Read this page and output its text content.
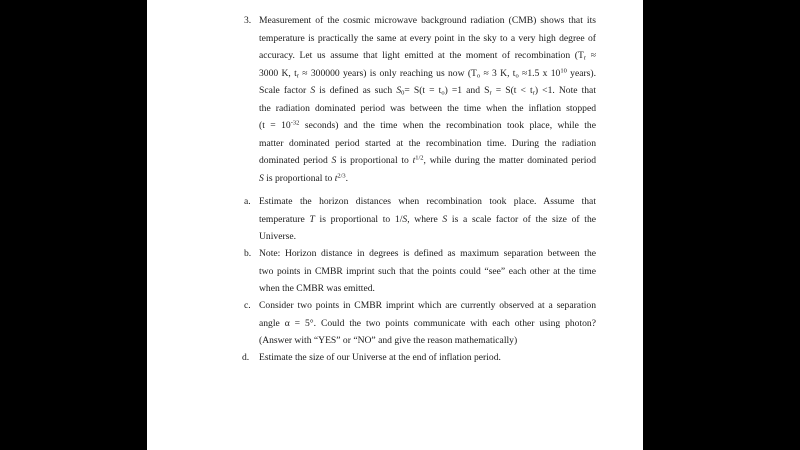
3. Measurement of the cosmic microwave background radiation (CMB) shows that its
temperature is practically the same at every point in the sky to a very high degree of
accuracy. Let us assume that light emitted at the moment of recombination ($T_r$ ≈
3000 K, $t_r \approx 300000$ years) is only reaching us now ($T_o \approx 3$ K, $t_o \approx 1.5$ x $10^{10}$ years).
Scale factor S is defined as such $S_0= S(t = t_o) =1$ and $S_r = S(t < t_r) <1$. Note that
the radiation dominated period was between the time when the inflation stopped
($t = 10^{-32}$ seconds) and the time when the recombination took place, while the
matter dominated period started at the recombination time. During the radiation
dominated period S is proportional to $t^{1/2}$, while during the matter dominated period
S is proportional to $t^{2/3}$.
a. Estimate the horizon distances when recombination took place. Assume that
temperature T is proportional to 1/S, where S is a scale factor of the size of the
Universe.
b. Note: Horizon distance in degrees is defined as maximum separation between the
two points in CMBR imprint such that the points could “see” each other at the time
when the CMBR was emitted.
c. Consider two points in CMBR imprint which are currently observed at a separation
angle α = 5°. Could the two points communicate with each other using photon?
(Answer with “YES” or “NO” and give the reason mathematically)
d. Estimate the size of our Universe at the end of inflation period.
